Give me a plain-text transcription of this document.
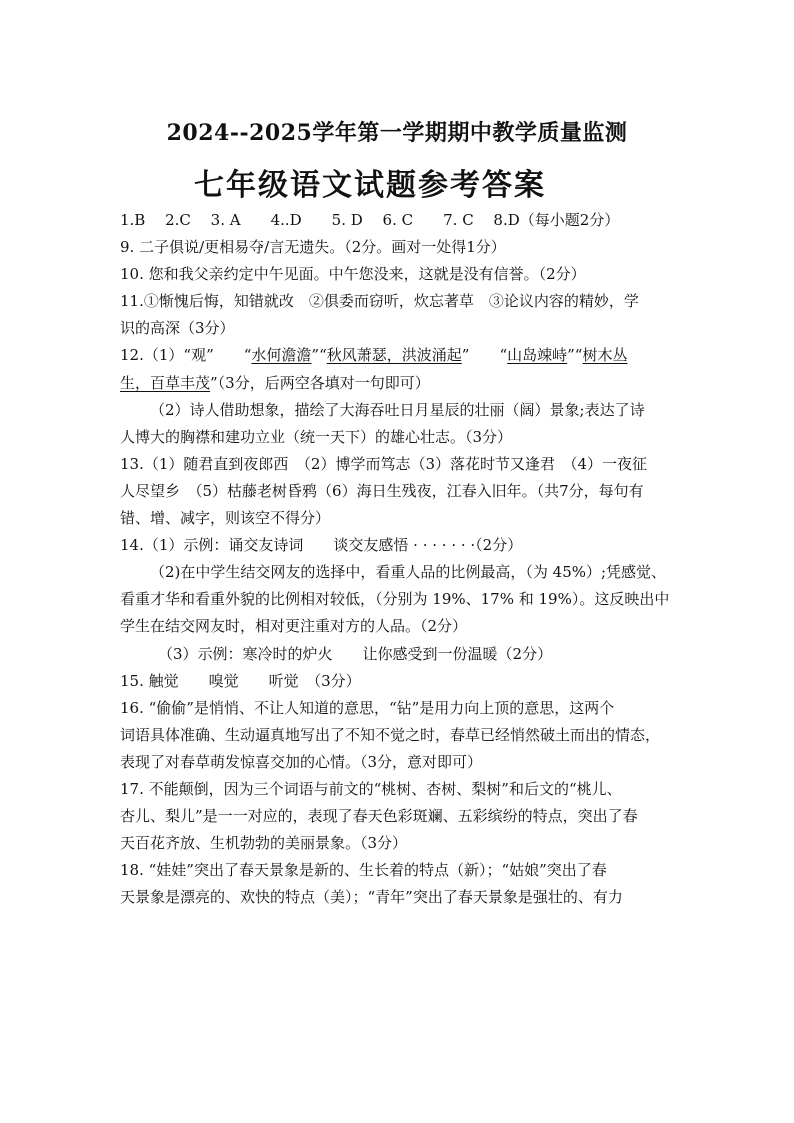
2024--2025学年第一学期期中教学质量监测
七年级语文试题参考答案
1.B　 2.C　 3. A　　4..D　　5. D　 6. C　　7. C　 8.D（每小题2分）
9. 二子俱说/更相易夺/言无遗失。（2分。画对一处得1分）
10. 您和我父亲约定中午见面。中午您没来，这就是没有信誉。（2分）
11.①惭愧后悔，知错就改　②俱委而窃听，炊忘著草　③论议内容的精妙，学
识的高深（3分）
12.（1）“观”　　“水何澹澹”“秋风萧瑟，洪波涌起”　　“山岛竦峙”“树木丛
生，百草丰茂”（3分，后两空各填对一句即可）
（2）诗人借助想象，描绘了大海吞吐日月星辰的壮丽（阔）景象;表达了诗
人博大的胸襟和建功立业（统一天下）的雄心壮志。（3分）
13.（1）随君直到夜郎西　（2）博学而笃志（3）落花时节又逢君　（4）一夜征
人尽望乡　（5）枯藤老树昏鸦（6）海日生残夜，江春入旧年。（共7分，每句有
错、增、减字，则该空不得分）
14.（1）示例：诵交友诗词　　谈交友感悟 · · · · · · ·（2分）
（2)在中学生结交网友的选择中，看重人品的比例最高，（为 45%）;凭感觉、
看重才华和看重外貌的比例相对较低，（分别为 19%、17% 和 19%）。这反映出中
学生在结交网友时，相对更注重对方的人品。（2分）
（3）示例：寒冷时的炉火　　让你感受到一份温暖（2分）
15. 触觉　　嗅觉　　听觉　（3分）
16. “偷偷”是悄悄、不让人知道的意思，“钻”是用力向上顶的意思，这两个
词语具体准确、生动逼真地写出了不知不觉之时，春草已经悄然破土而出的情态，
表现了对春草萌发惊喜交加的心情。（3分，意对即可）
17. 不能颠倒，因为三个词语与前文的“桃树、杏树、梨树”和后文的“桃儿、
杏儿、梨儿”是一一对应的，表现了春天色彩斑斓、五彩缤纷的特点，突出了春
天百花齐放、生机勃勃的美丽景象。（3分）
18. “娃娃”突出了春天景象是新的、生长着的特点（新）；“姑娘”突出了春
天景象是漂亮的、欢快的特点（美）；“青年”突出了春天景象是强壮的、有力
